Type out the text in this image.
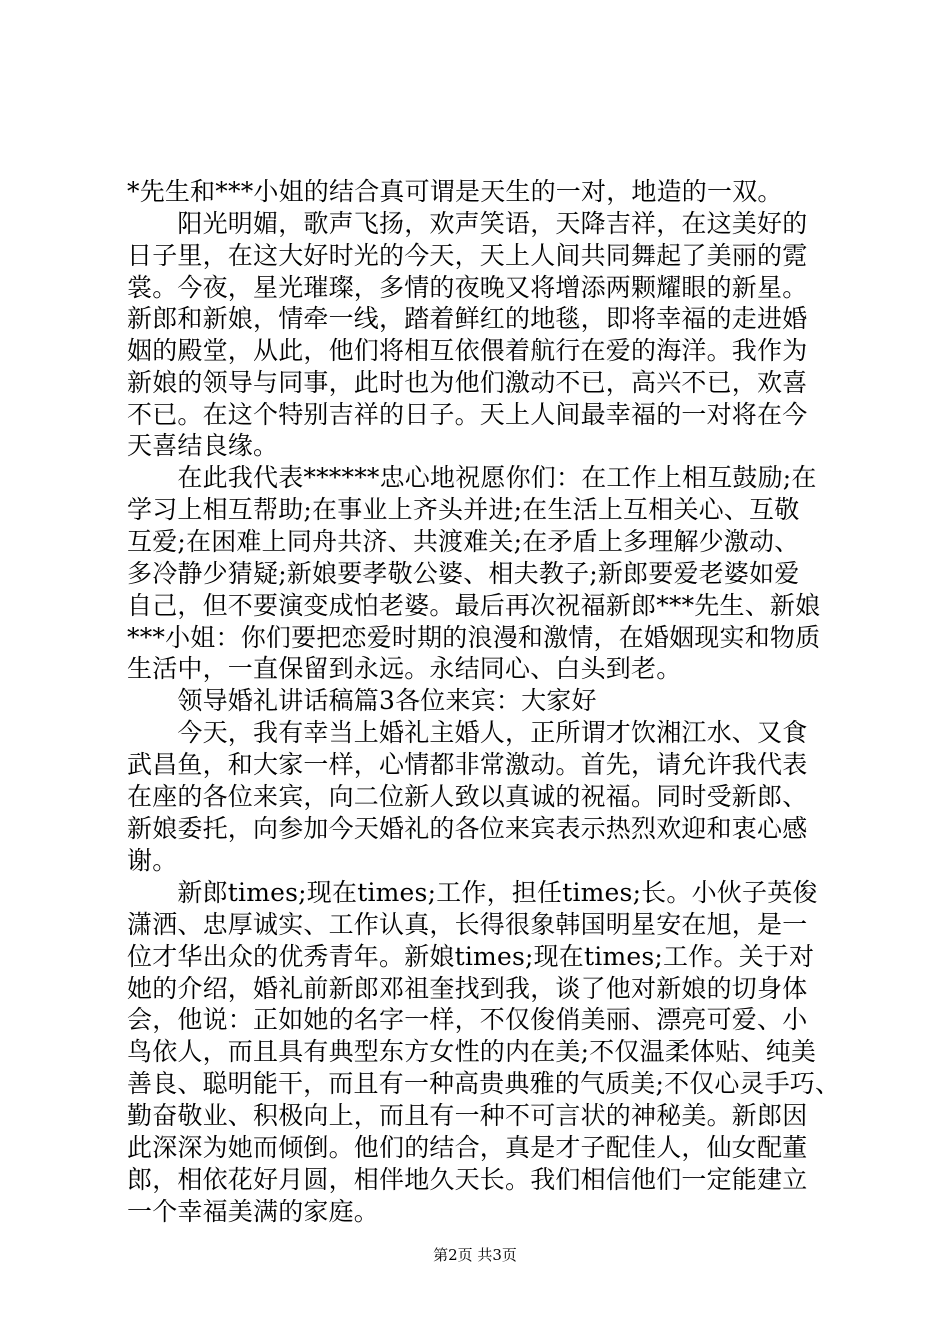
*先生和***小姐的结合真可谓是天生的一对，地造的一双。
　　阳光明媚，歌声飞扬，欢声笑语，天降吉祥，在这美好的
日子里，在这大好时光的今天，天上人间共同舞起了美丽的霓
裳。今夜，星光璀璨，多情的夜晚又将增添两颗耀眼的新星。
新郎和新娘，情牵一线，踏着鲜红的地毯，即将幸福的走进婚
姻的殿堂，从此，他们将相互依偎着航行在爱的海洋。我作为
新娘的领导与同事，此时也为他们激动不已，高兴不已，欢喜
不已。在这个特别吉祥的日子。天上人间最幸福的一对将在今
天喜结良缘。
　　在此我代表******忠心地祝愿你们：在工作上相互鼓励;在
学习上相互帮助;在事业上齐头并进;在生活上互相关心、互敬
互爱;在困难上同舟共济、共渡难关;在矛盾上多理解少激动、
多冷静少猜疑;新娘要孝敬公婆、相夫教子;新郎要爱老婆如爱
自己，但不要演变成怕老婆。最后再次祝福新郎***先生、新娘
***小姐：你们要把恋爱时期的浪漫和激情，在婚姻现实和物质
生活中，一直保留到永远。永结同心、白头到老。
　　领导婚礼讲话稿篇3各位来宾：大家好
　　今天，我有幸当上婚礼主婚人，正所谓才饮湘江水、又食
武昌鱼，和大家一样，心情都非常激动。首先，请允许我代表
在座的各位来宾，向二位新人致以真诚的祝福。同时受新郎、
新娘委托，向参加今天婚礼的各位来宾表示热烈欢迎和衷心感
谢。
　　新郎times;现在times;工作，担任times;长。小伙子英俊
潇洒、忠厚诚实、工作认真，长得很象韩国明星安在旭，是一
位才华出众的优秀青年。新娘times;现在times;工作。关于对
她的介绍，婚礼前新郎邓祖奎找到我，谈了他对新娘的切身体
会，他说：正如她的名字一样，不仅俊俏美丽、漂亮可爱、小
鸟依人，而且具有典型东方女性的内在美;不仅温柔体贴、纯美
善良、聪明能干，而且有一种高贵典雅的气质美;不仅心灵手巧、
勤奋敬业、积极向上，而且有一种不可言状的神秘美。新郎因
此深深为她而倾倒。他们的结合，真是才子配佳人，仙女配董
郎，相依花好月圆，相伴地久天长。我们相信他们一定能建立
一个幸福美满的家庭。
第2页 共3页
